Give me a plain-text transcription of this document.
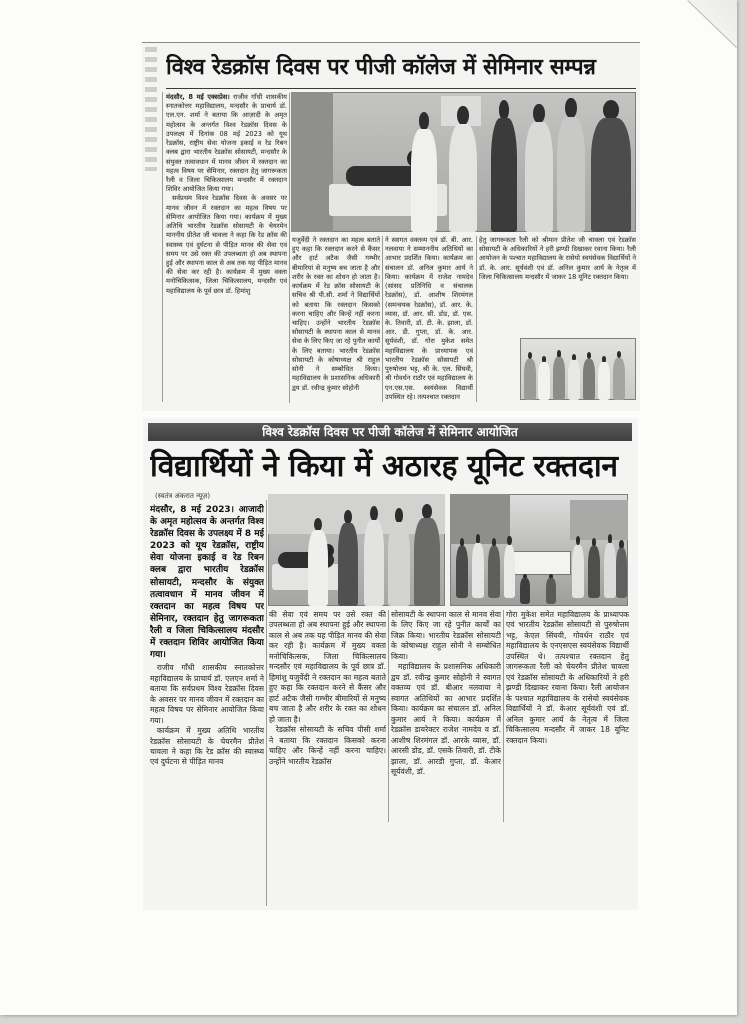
विश्व रेडक्रॉस दिवस पर पीजी कॉलेज में सेमिनार सम्पन्न

मंदसौर, 8 मई एक्सप्रेस। राजीव गाँधी शासकीय स्नातकोत्तर महाविद्यालय, मन्दसौर के प्राचार्य डॉ. एल.एन. शर्मा ने बताया कि आज़ादी के अमृत महोत्सव के अन्तर्गत विश्व रेडक्रॉस दिवस के उपलक्ष्य में दिनांक 08 मई 2023 को यूथ रेडक्रॉस, राष्ट्रीय सेवा योजना इकाई व रेड रिबन क्लब द्वारा भारतीय रेडक्रॉस सोसायटी, मन्दसौर के संयुक्त तत्वावधान में मानव जीवन में रक्तदान का महत्व विषय पर सेमिनार, रक्तदान हेतु जागरूकता रैली व जिला चिकित्सालय मन्दसौर में रक्तदान शिविर आयोजित किया गया।

सर्वप्रथम विश्व रेडक्रॉस दिवस के अवसर पर मानव जीवन में रक्तदान का महत्व विषय पर सेमिनार आयोजित किया गया। कार्यक्रम में मुख्य अतिथि भारतीय रेडक्रॉस सोसायटी के चेयरमेन माननीय प्रीतेश जी चावला ने कहा कि रेड क्रॉस की स्वास्थ्य एवं दुर्घटना से पीड़ित मानव की सेवा एवं समय पर उसे रक्त की उपलब्धता हो अब स्थापना हुई और स्थापना काल से अब तक यह पीड़ित मानव की सेवा कर रही है। कार्यक्रम में मुख्य वक्ता मनोचिकित्सक, जिला चिकित्सालय, मन्दसौर एवं महाविद्यालय के पूर्व छात्र डॉ. हिमांशु

यजुर्वेदी ने रक्तदान का महत्व बताते हुए कहा कि रक्तदान करने से कैंसर और हार्ट अटैक जैसी गम्भीर बीमारियां से मनुष्य बच जाता है और शरीर के रक्त का शोधन हो जाता है। कार्यक्रम में रेड क्रॉस सोसायटी के सचिव श्री पी.सी. शर्मा ने विद्यार्थियों को बताया कि रक्तदान किसको करना चाहिए और किन्हें नहीं करना चाहिए। उन्होंने भारतीय रेडक्रॉस सोसायटी के स्थापना काल से मानव सेवा के लिए किए जा रहे पुनीत कार्यों के लिए बताया। भारतीय रेडक्रॉस सोसायटी के कोषाध्यक्ष श्री राहुल सोनी ने सम्बोधित किया। महाविद्यालय के प्रशासनिक अधिकारी द्वय डॉ. रवीन्द्र कुमार सोहोनी

ने स्वागत वक्तव्य एवं डॉ. बी. आर. नलवाया ने सम्माननीय अतिथियों का आभार प्रदर्शित किया। कार्यक्रम का संचालन डॉ. अनिल कुमार आर्य ने किया। कार्यक्रम में राजेश नामदेव (सांसद प्रतिनिधि व संचालक रेडक्रॉस), डॉ. आशीष शिरमंगल (समन्वयक रेडक्रॉस), डॉ. आर. के. व्यास, डॉ. आर. सी. डोड, डॉ. एस. के. तिवारी, डॉ. टी. के. झाला, डॉ. आर. डी. गुप्ता, डॉ. के. आर. सूर्यवंशी, डॉ. गोरा मुकेश समेत महाविद्यालय के प्राध्यापक एवं भारतीय रेडक्रॉस सोसायटी श्री पुरुषोत्तम भट्ट, श्री के. एल. सिंघवी, श्री गोवर्धन राठौर एवं महाविद्यालय के एन.एस.एस. स्वयंसेवक विद्यार्थी उपस्थित रहे। तत्पश्चात रक्तदान

हेतु जागरूकता रैली को श्रीमान प्रीतेश जी चावला एवं रेडक्रॉस सोसायटी के अधिकारियों ने हरी झण्डी दिखाकर रवाना किया। रैली आयोजन के पश्चात महाविद्यालय के रासेयो स्वयंसेवक विद्यार्थियों ने डॉ. के. आर. सूर्यवंशी एवं डॉ. अनिल कुमार आर्य के नेतृत्व में जिला चिकित्सालय मन्दसौर में जाकर 18 यूनिट रक्तदान किया।

विश्व रेडक्रॉस दिवस पर पीजी कॉलेज में सेमिनार आयोजित
विद्यार्थियों ने किया में अठारह यूनिट रक्तदान
(स्वतंत्र अंकरात न्यूज़)

मंदसौर, 8 मई 2023। आजादी के अमृत महोत्सव के अन्तर्गत विश्व रेडक्रॉस दिवस के उपलक्ष्य में 8 मई 2023 को यूथ रेडक्रॉस, राष्ट्रीय सेवा योजना इकाई व रेड रिबन क्लब द्वारा भारतीय रेडक्रॉस सोसायटी, मन्दसौर के संयुक्त तत्वावधान में मानव जीवन में रक्तदान का महत्व विषय पर सेमिनार, रक्तदान हेतु जागरूकता रैली व जिला चिकित्सालय मंदसौर में रक्तदान शिविर आयोजित किया गया।

राजीव गाँधी शासकीय स्नातकोत्तर महाविद्यालय के प्राचार्य डॉ. एलएन शर्मा ने बताया कि सर्वप्रथम विश्व रेडक्रॉस दिवस के अवसर पर मानव जीवन में रक्तदान का महत्व विषय पर सेमिनार आयोजित किया गया।

कार्यक्रम में मुख्य अतिथि भारतीय रेडक्रॉस सोसायटी के चेयरमैन प्रीतेश चावला ने कहा कि रेड क्रॉस की स्वास्थ्य एवं दुर्घटना से पीड़ित मानव

की सेवा एवं समय पर उसे रक्त की उपलब्धता हो अब स्थापना हुई और स्थापना काल से अब तक यह पीड़ित मानव की सेवा कर रही है। कार्यक्रम में मुख्य वक्ता मनोचिकित्सक, जिला चिकित्सालय मन्दसौर एवं महाविद्यालय के पूर्व छात्र डॉ. हिमांशु यजुर्वेदी ने रक्तदान का महत्व बताते हुए कहा कि रक्तदान करने से कैंसर और हार्ट अटैक जैसी गम्भीर बीमारियों से मनुष्य बच जाता है और शरीर के रक्त का शोधन हो जाता है।

रेडक्रॉस सोसायटी के सचिव पीसी शर्मा ने बताया कि रक्तदान किसको करना चाहिए और किन्हें नहीं करना चाहिए। उन्होंने भारतीय रेडक्रॉस

सोसायटी के स्थापना काल से मानव सेवा के लिए किए जा रहे पुनीत कार्यों का जिक्र किया। भारतीय रेडक्रॉस सोसायटी के कोषाध्यक्ष राहुल सोनी ने सम्बोधित किया।

महाविद्यालय के प्रशासनिक अधिकारी द्वय डॉ. रवीन्द्र कुमार सोहोनी ने स्वागत वक्तव्य एवं डॉ. बीआर नलवाया ने स्वागत अतिथियों का आभार प्रदर्शित किया। कार्यक्रम का संचालन डॉ. अनिल कुमार आर्य ने किया। कार्यक्रम में रेडक्रॉस डायरेक्टर राजेश नामदेव व डॉ. आशीष शिरमंगल डॉ. आरके व्यास, डॉ. आरसी डोड, डॉ. एसके तिवारी, डॉ. टीके झाला, डॉ. आरडी गुप्ता, डॉ. केआर सूर्यवंशी, डॉ.

गोरा मुकेश समेत महाविद्यालय के प्राध्यापक एवं भारतीय रेडक्रॉस सोसायटी से पुरुषोत्तम भट्ट, केएल सिंघवी, गोवर्धन राठौर एवं महाविद्यालय के एनएसएस स्वयंसेवक विद्यार्थी उपस्थित थे। तत्पश्चात रक्तदान हेतु जागरूकता रैली को चेयरमैन प्रीतेश चावला एवं रेडक्रॉस सोसायटी के अधिकारियों ने हरी झण्डी दिखाकर रवाना किया। रैली आयोजन के पश्चात महाविद्यालय के रासेयो स्वयंसेवक विद्यार्थियों ने डॉ. केआर सूर्यवंशी एवं डॉ. अनिल कुमार आर्य के नेतृत्व में जिला चिकित्सालय मन्दसौर में जाकर 18 यूनिट रक्तदान किया।
